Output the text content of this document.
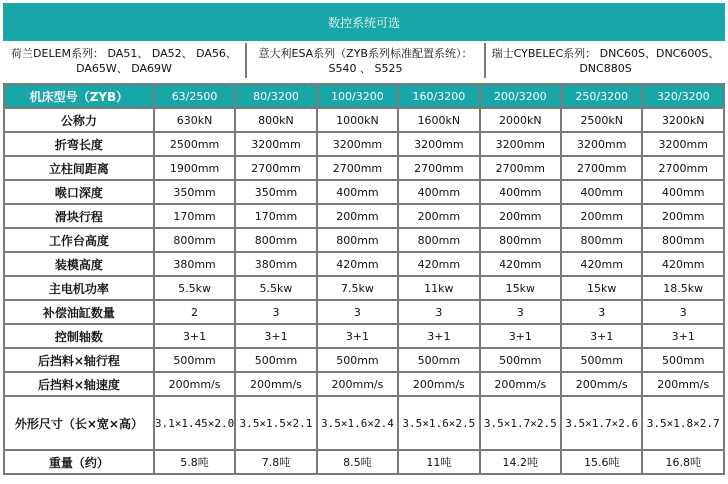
数控系统可选
荷兰DELEM系列： DA51、 DA52、 DA56、
DA65W、 DA69W
意大利ESA系列（ZYB系列标准配置系统）：
S540 、 S525
瑞士CYBELEC系列： DNC60S、DNC600S、
DNC880S
机床型号（ZYB）	63/2500	80/3200	100/3200	160/3200	200/3200	250/3200	320/3200
公称力	630kN	800kN	1000kN	1600kN	2000kN	2500kN	3200kN
折弯长度	2500mm	3200mm	3200mm	3200mm	3200mm	3200mm	3200mm
立柱间距离	1900mm	2700mm	2700mm	2700mm	2700mm	2700mm	2700mm
喉口深度	350mm	350mm	400mm	400mm	400mm	400mm	400mm
滑块行程	170mm	170mm	200mm	200mm	200mm	200mm	200mm
工作台高度	800mm	800mm	800mm	800mm	800mm	800mm	800mm
装模高度	380mm	380mm	420mm	420mm	420mm	420mm	420mm
主电机功率	5.5kw	5.5kw	7.5kw	11kw	15kw	15kw	18.5kw
补偿油缸数量	2	3	3	3	3	3	3
控制轴数	3+1	3+1	3+1	3+1	3+1	3+1	3+1
后挡料×轴行程	500mm	500mm	500mm	500mm	500mm	500mm	500mm
后挡料×轴速度	200mm/s	200mm/s	200mm/s	200mm/s	200mm/s	200mm/s	200mm/s
外形尺寸（长×宽×高）	3.1×1.45×2.0	3.5×1.5×2.1	3.5×1.6×2.4	3.5×1.6×2.5	3.5×1.7×2.5	3.5×1.7×2.6	3.5×1.8×2.7
重量（约）	5.8吨	7.8吨	8.5吨	11吨	14.2吨	15.6吨	16.8吨
